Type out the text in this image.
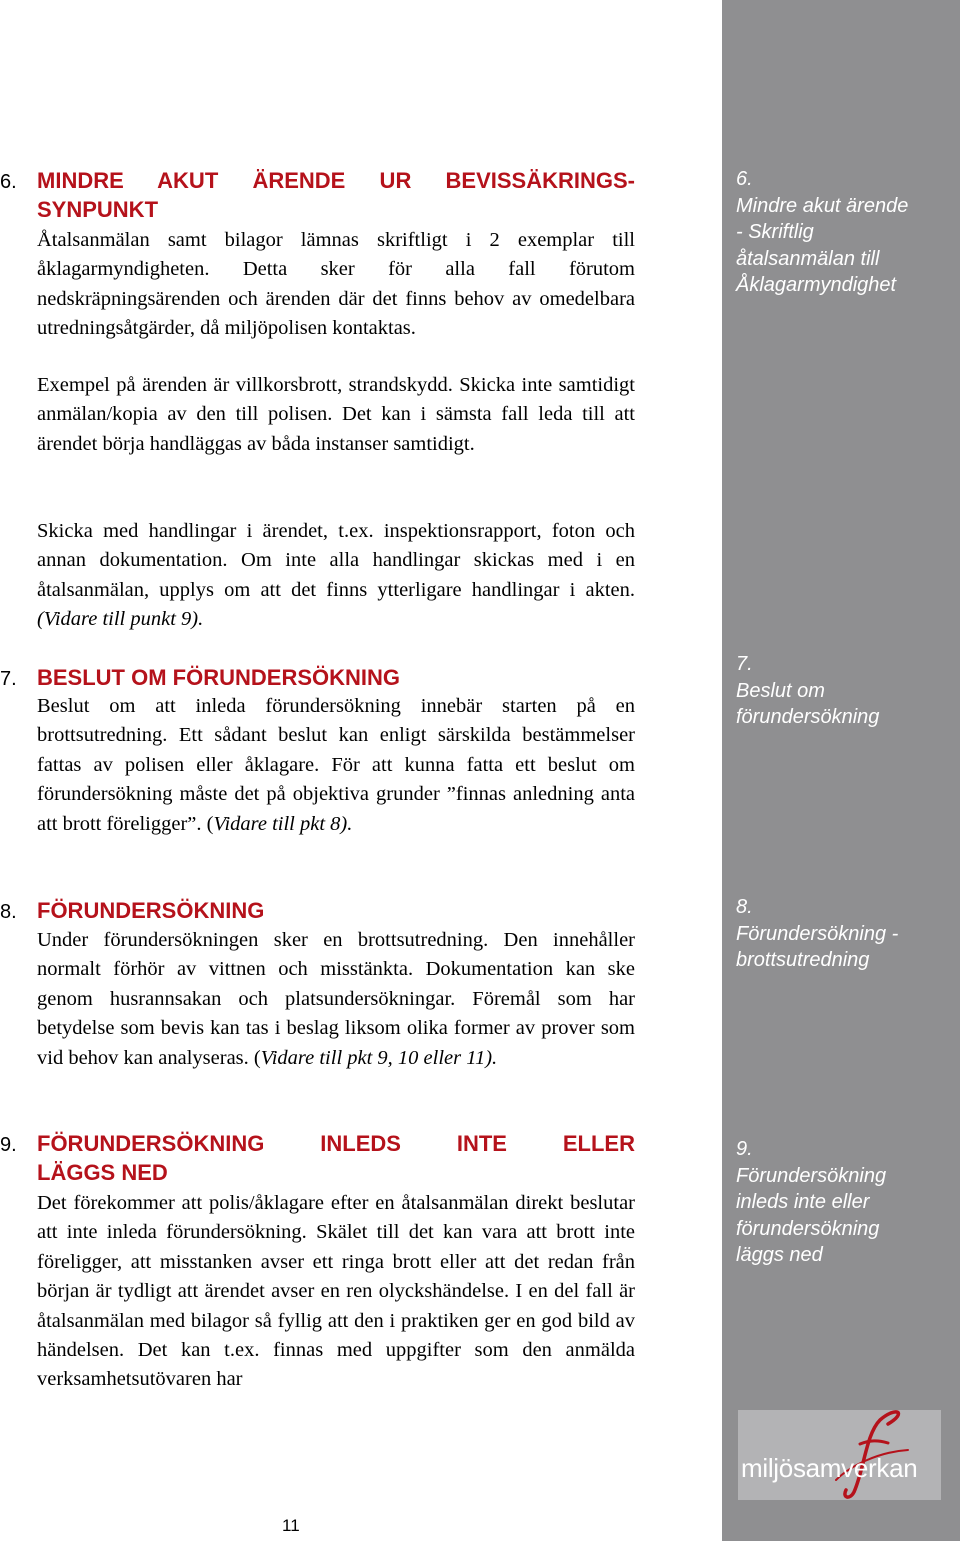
6.
Mindre akut ärende
- Skriftlig
åtalsanmälan till
Åklagarmyndighet
7.
Beslut om
förundersökning
8.
Förundersökning -
brottsutredning
9.
Förundersökning
inleds inte eller
förundersökning
läggs ned
miljösamverkan
6. MINDRE AKUT ÄRENDE UR BEVISSÄKRINGS-
SYNPUNKT

Åtalsanmälan samt bilagor lämnas skriftligt i 2 exemplar till åklagarmyndigheten. Detta sker för alla fall förutom nedskräpningsärenden och ärenden där det finns behov av omedelbara utredningsåtgärder, då miljöpolisen kontaktas.

Exempel på ärenden är villkorsbrott, strandskydd. Skicka inte samtidigt anmälan/kopia av den till polisen. Det kan i sämsta fall leda till att ärendet börja handläggas av båda instanser samtidigt.

Skicka med handlingar i ärendet, t.ex. inspektionsrapport, foton och annan dokumentation. Om inte alla handlingar skickas med i en åtalsanmälan, upplys om att det finns ytterligare handlingar i akten. (Vidare till punkt 9).

7. BESLUT OM FÖRUNDERSÖKNING

Beslut om att inleda förundersökning innebär starten på en brottsutredning. Ett sådant beslut kan enligt särskilda bestämmelser fattas av polisen eller åklagare. För att kunna fatta ett beslut om förundersökning måste det på objektiva grunder ”finnas anledning anta att brott föreligger”. (Vidare till pkt 8).

8. FÖRUNDERSÖKNING

Under förundersökningen sker en brottsutredning. Den innehåller normalt förhör av vittnen och misstänkta. Dokumentation kan ske genom husrannsakan och platsundersökningar. Föremål som har betydelse som bevis kan tas i beslag liksom olika former av prover som vid behov kan analyseras. (Vidare till pkt 9, 10 eller 11).

9. FÖRUNDERSÖKNING INLEDS INTE ELLER
LÄGGS NED

Det förekommer att polis/åklagare efter en åtalsanmälan direkt beslutar att inte inleda förundersökning. Skälet till det kan vara att brott inte föreligger, att misstanken avser ett ringa brott eller att det redan från början är tydligt att ärendet avser en ren olyckshändelse. I en del fall är åtalsanmälan med bilagor så fyllig att den i praktiken ger en god bild av händelsen. Det kan t.ex. finnas med uppgifter som den anmälda verksamhetsutövaren har

11
